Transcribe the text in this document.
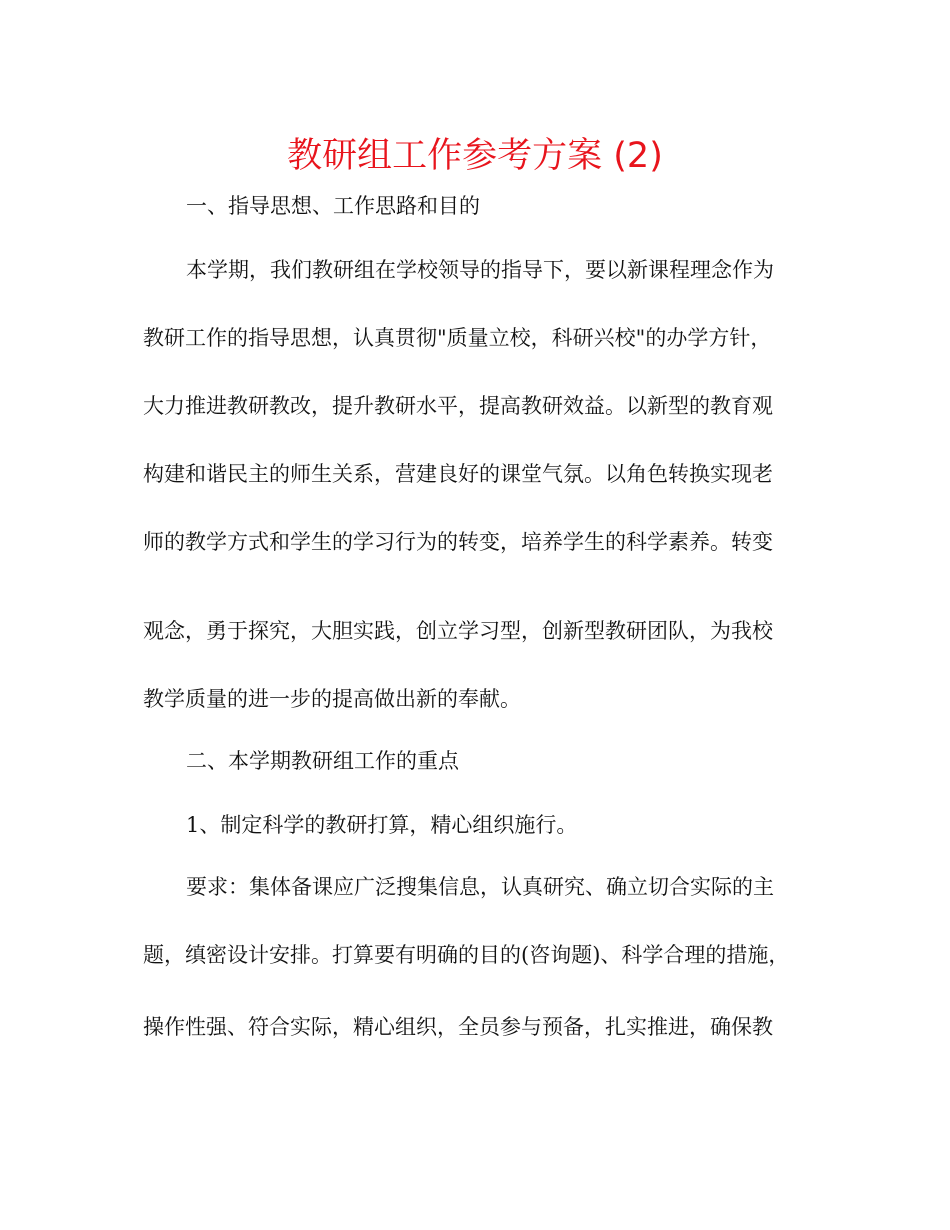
教研组工作参考方案 (2)

一、指导思想、工作思路和目的

本学期，我们教研组在学校领导的指导下，要以新课程理念作为

教研工作的指导思想，认真贯彻"质量立校，科研兴校"的办学方针，

大力推进教研教改，提升教研水平，提高教研效益。以新型的教育观

构建和谐民主的师生关系，营建良好的课堂气氛。以角色转换实现老

师的教学方式和学生的学习行为的转变，培养学生的科学素养。转变

观念，勇于探究，大胆实践，创立学习型，创新型教研团队，为我校

教学质量的进一步的提高做出新的奉献。

二、本学期教研组工作的重点

1、制定科学的教研打算，精心组织施行。

要求：集体备课应广泛搜集信息，认真研究、确立切合实际的主

题，缜密设计安排。打算要有明确的目的(咨询题)、科学合理的措施，

操作性强、符合实际，精心组织，全员参与预备，扎实推进，确保教
